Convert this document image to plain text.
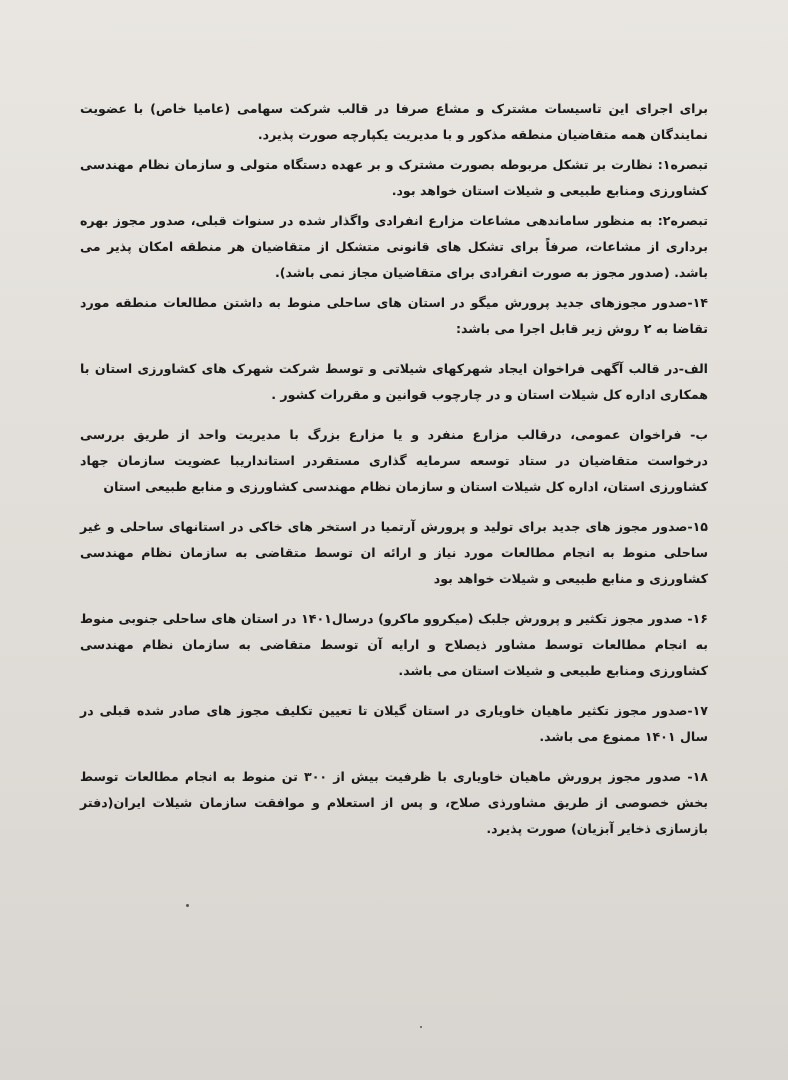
برای اجرای این تاسیسات مشترک و مشاع صرفا در قالب شرکت سهامی (عامیا خاص) با عضویت نمایندگان همه متقاضیان منطقه مذکور و با مدیریت یکپارچه صورت پذیرد.

تبصره۱: نظارت بر تشکل مربوطه بصورت مشترک و بر عهده دستگاه متولی و سازمان نظام مهندسی کشاورزی ومنابع طبیعی و شیلات استان خواهد بود.

تبصره۲: به منظور ساماندهی مشاعات مزارع انفرادی واگذار شده در سنوات قبلی، صدور مجوز بهره برداری از مشاعات، صرفاً برای تشکل های قانونی متشکل از متقاضیان هر منطقه امکان پذیر می باشد. (صدور مجوز به صورت انفرادی برای متقاضیان مجاز نمی باشد).

۱۴-صدور مجوزهای جدید پرورش میگو در استان های ساحلی منوط به داشتن مطالعات منطقه مورد تقاضا به ۲ روش زیر قابل اجرا می باشد:

الف-در قالب آگهی فراخوان ایجاد شهرکهای شیلاتی و توسط شرکت شهرک های کشاورزی استان با همکاری اداره کل شیلات استان و در چارچوب قوانین و مقررات کشور .

ب- فراخوان عمومی، درقالب مزارع منفرد و یا مزارع بزرگ با مدیریت واحد از طریق بررسی درخواست متقاضیان در ستاد توسعه سرمایه گذاری مستقردر استانداریبا عضویت سازمان جهاد کشاورزی استان، اداره کل شیلات استان و سازمان نظام مهندسی کشاورزی و منابع طبیعی استان

۱۵-صدور مجوز های جدید برای تولید و پرورش آرتمیا در استخر های خاکی در استانهای ساحلی و غیر ساحلی منوط به انجام مطالعات مورد نیاز و ارائه ان توسط متقاضی به سازمان نظام مهندسی کشاورزی و منابع طبیعی و شیلات خواهد بود

۱۶- صدور مجوز تکثیر و پرورش جلبک (میکروو ماکرو) درسال۱۴۰۱ در استان های ساحلی جنوبی منوط به انجام مطالعات توسط مشاور ذیصلاح و ارایه آن توسط متقاضی به سازمان نظام مهندسی کشاورزی ومنابع طبیعی و شیلات استان می باشد.

۱۷-صدور مجوز تکثیر ماهیان خاویاری در استان گیلان تا تعیین تکلیف مجوز های صادر شده قبلی در سال ۱۴۰۱ ممنوع می باشد.

۱۸- صدور مجوز پرورش ماهیان خاویاری با ظرفیت بیش از ۳۰۰ تن منوط به انجام مطالعات توسط بخش خصوصی از طریق مشاورذی صلاح، و پس از استعلام و موافقت سازمان شیلات ایران(دفتر بازسازی ذخایر آبزیان) صورت پذیرد.
